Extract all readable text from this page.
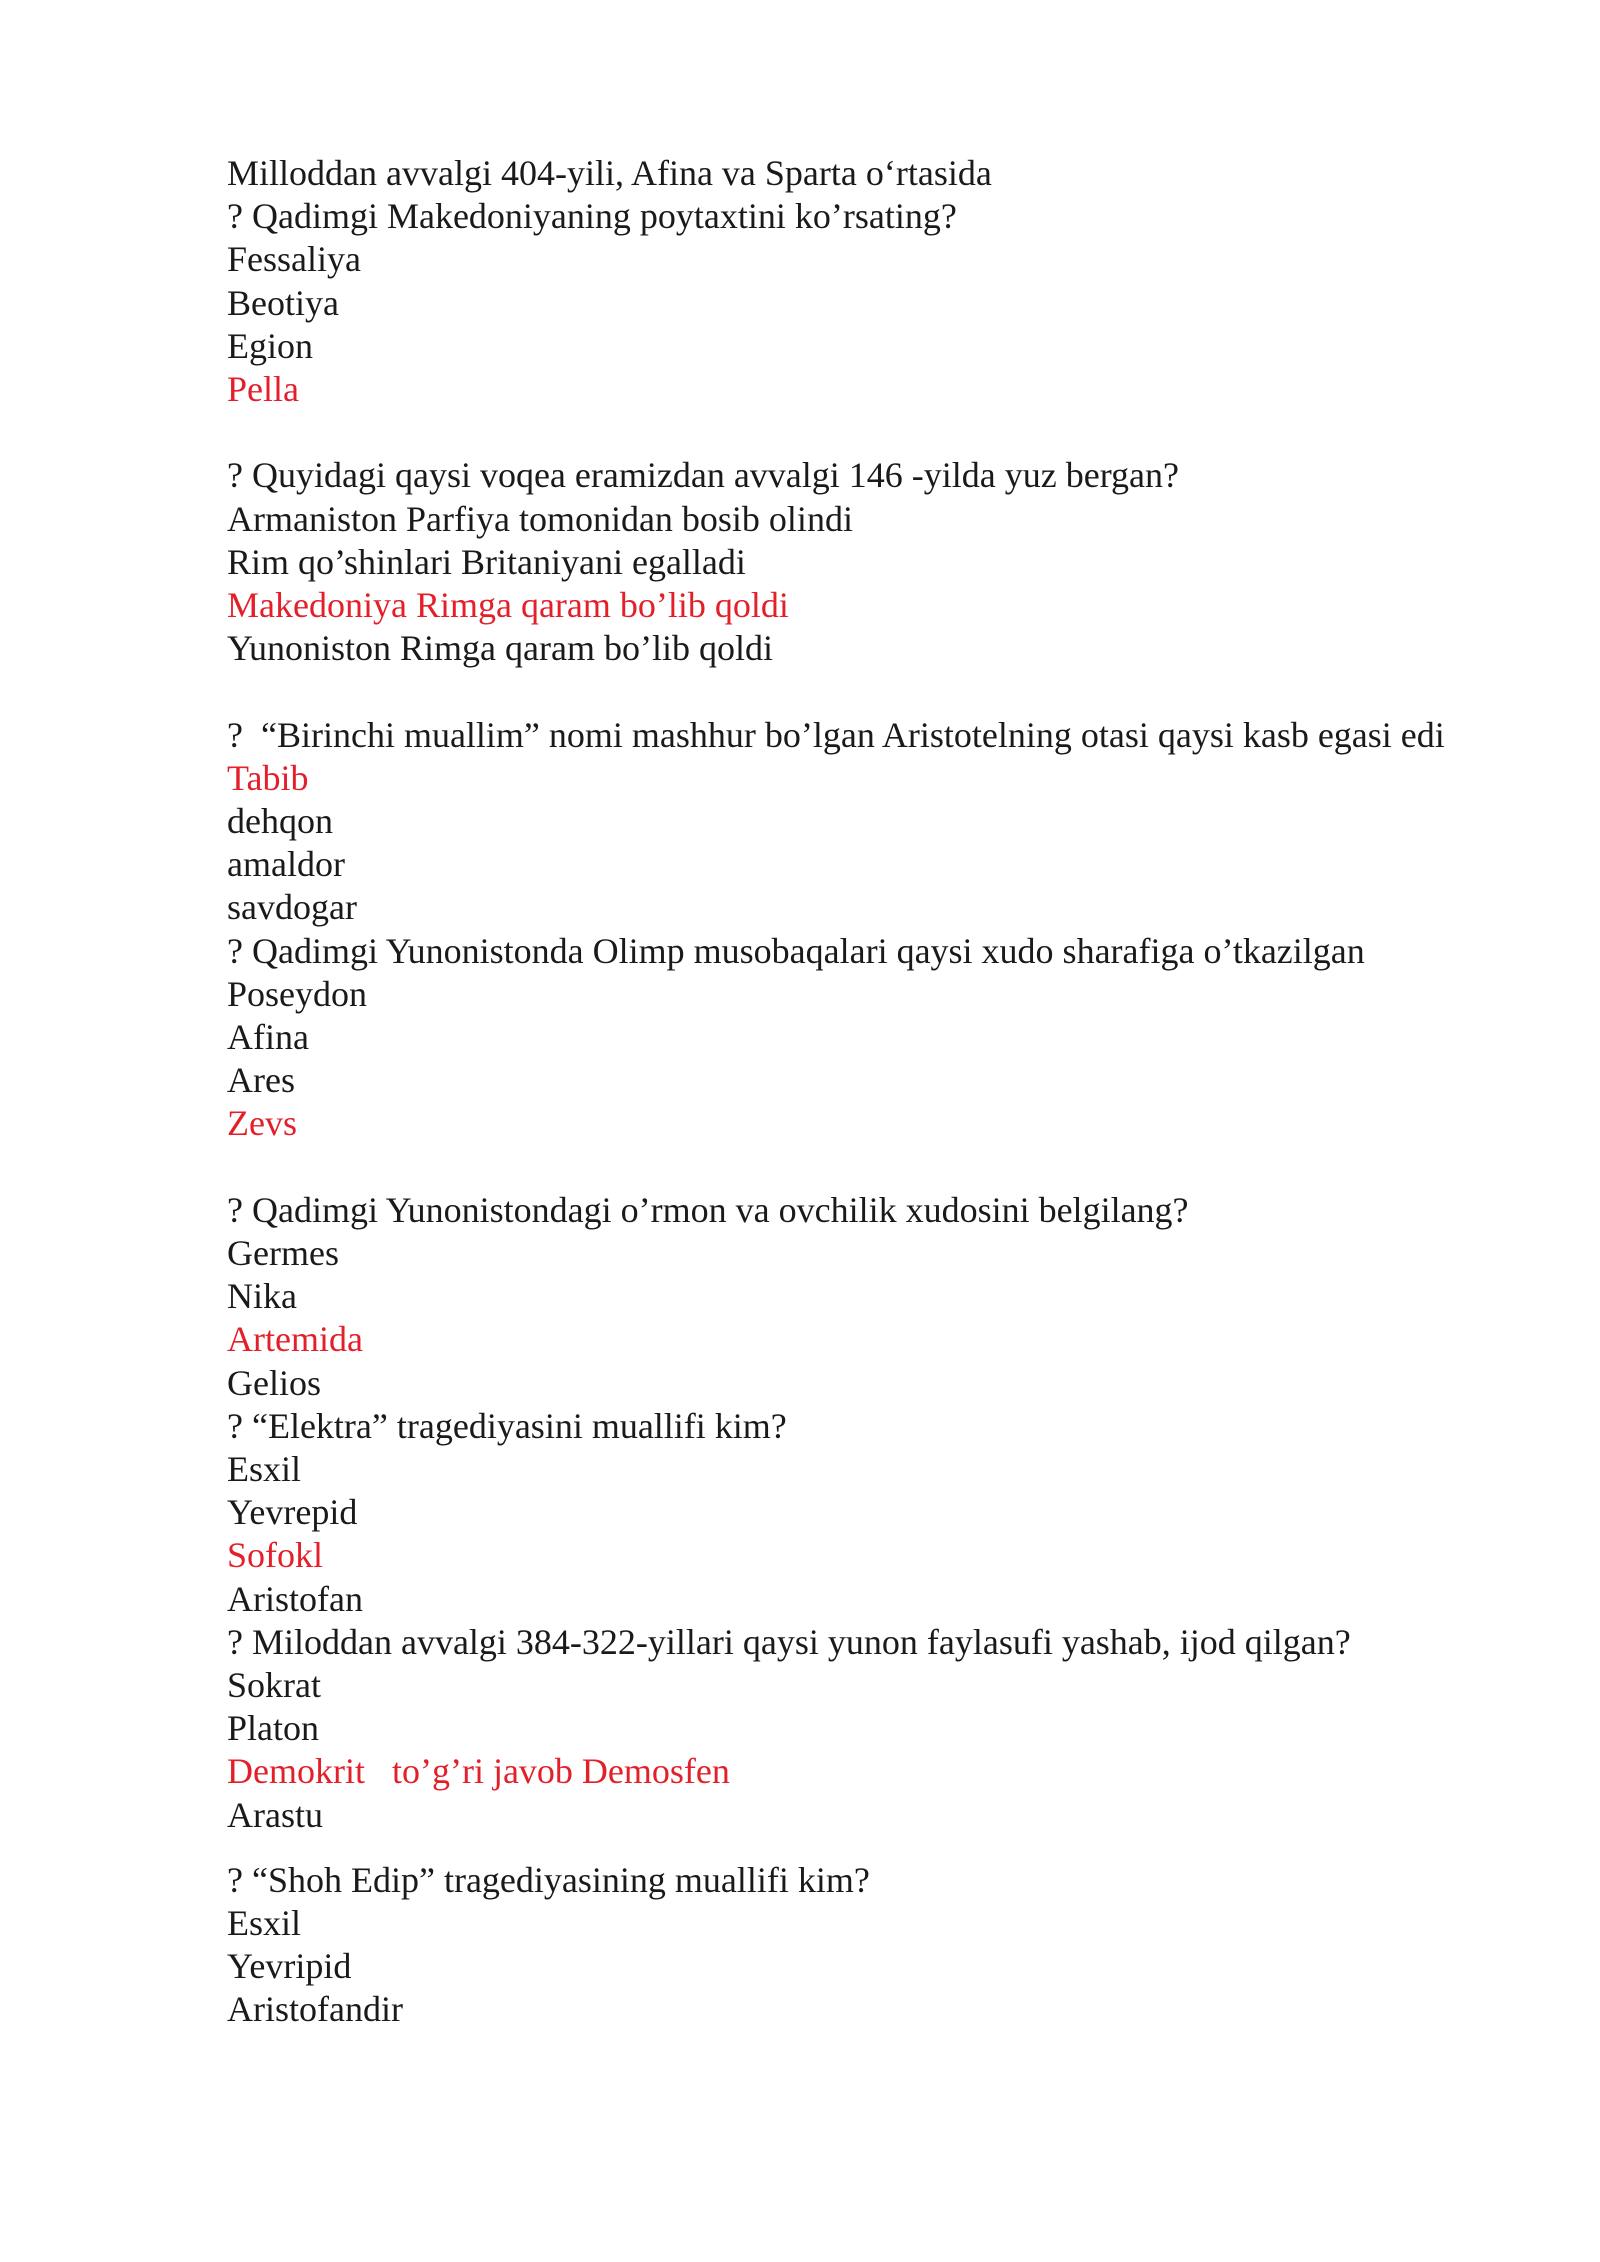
Milloddan avvalgi 404-yili, Afina va Sparta o‘rtasida

? Qadimgi Makedoniyaning poytaxtini ko’rsating?

Fessaliya

Beotiya

Egion

Pella

? Quyidagi qaysi voqea eramizdan avvalgi 146 -yilda yuz bergan?

Armaniston Parfiya tomonidan bosib olindi

Rim qo’shinlari Britaniyani egalladi

Makedoniya Rimga qaram bo’lib qoldi

Yunoniston Rimga qaram bo’lib qoldi

?  “Birinchi muallim” nomi mashhur bo’lgan Aristotelning otasi qaysi kasb egasi edi

Tabib

dehqon

amaldor

savdogar

? Qadimgi Yunonistonda Olimp musobaqalari qaysi xudo sharafiga o’tkazilgan

Poseydon

Afina

Ares

Zevs

? Qadimgi Yunonistondagi o’rmon va ovchilik xudosini belgilang?

Germes

Nika

Artemida

Gelios

? “Elektra” tragediyasini muallifi kim?

Esxil

Yevrepid

Sofokl

Aristofan

? Miloddan avvalgi 384-322-yillari qaysi yunon faylasufi yashab, ijod qilgan?

Sokrat

Platon

Demokrit   to’g’ri javob Demosfen

Arastu

? “Shoh Edip” tragediyasining muallifi kim?

Esxil

Yevripid

Aristofandir
